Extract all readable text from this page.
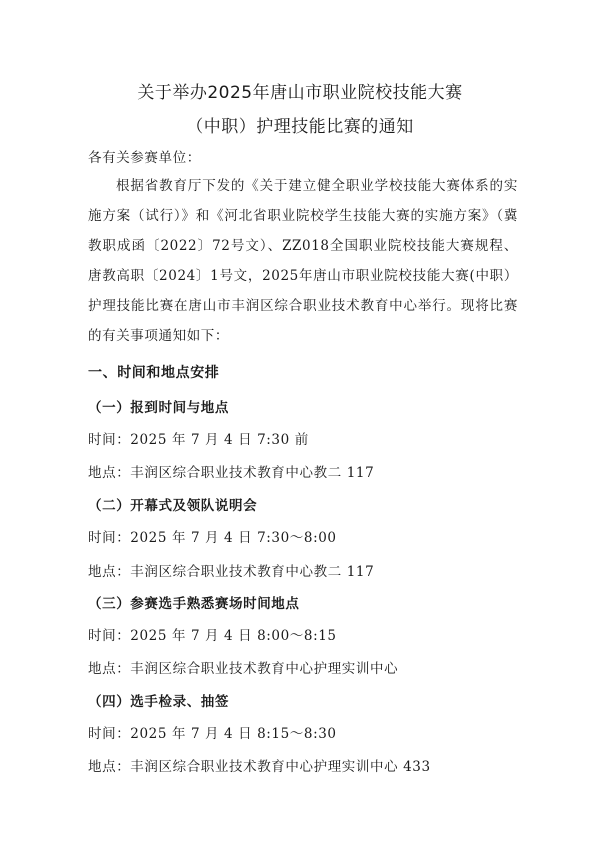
关于举办2025年唐山市职业院校技能大赛
（中职）护理技能比赛的通知
各有关参赛单位：
根据省教育厅下发的《关于建立健全职业学校技能大赛体系的实施方案（试行）》和《河北省职业院校学生技能大赛的实施方案》（冀教职成函〔2022〕72号文）、ZZ018全国职业院校技能大赛规程、唐教高职〔2024〕1号文，2025年唐山市职业院校技能大赛(中职）护理技能比赛在唐山市丰润区综合职业技术教育中心举行。现将比赛的有关事项通知如下：
一、时间和地点安排
（一）报到时间与地点
时间：2025 年 7 月 4 日 7:30 前
地点：丰润区综合职业技术教育中心教二 117
（二）开幕式及领队说明会
时间：2025 年 7 月 4 日 7:30～8:00
地点：丰润区综合职业技术教育中心教二 117
（三）参赛选手熟悉赛场时间地点
时间：2025 年 7 月 4 日 8:00～8:15
地点：丰润区综合职业技术教育中心护理实训中心
（四）选手检录、抽签
时间：2025 年 7 月 4 日 8:15～8:30
地点：丰润区综合职业技术教育中心护理实训中心 433
